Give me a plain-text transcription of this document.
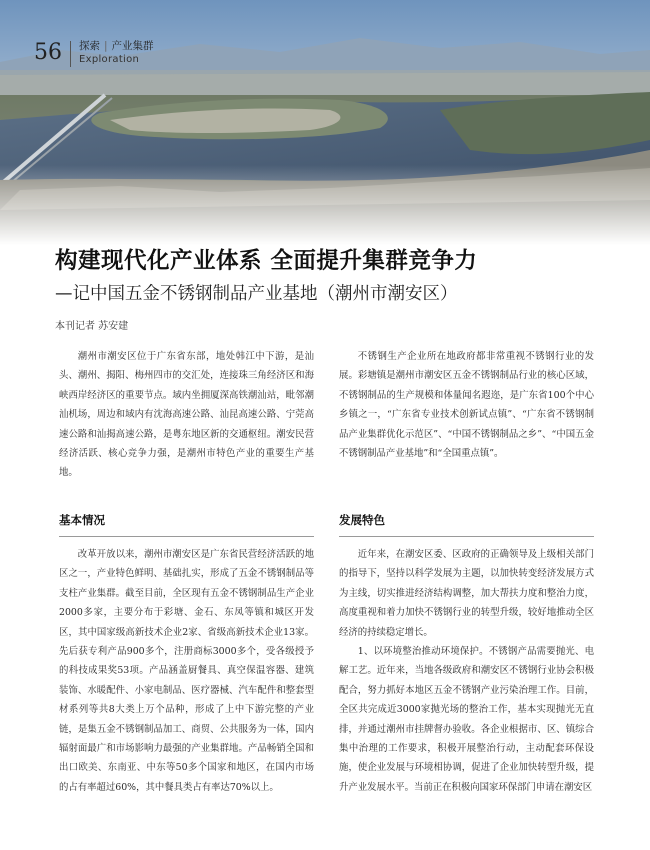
56 探索 | 产业集群
Exploration
构建现代化产业体系 全面提升集群竞争力
—记中国五金不锈钢制品产业基地（潮州市潮安区）
本刊记者 苏安建

潮州市潮安区位于广东省东部，地处韩江中下游，是汕头、潮州、揭阳、梅州四市的交汇处，连接珠三角经济区和海峡西岸经济区的重要节点。域内坐拥厦深高铁潮汕站，毗邻潮汕机场，周边和域内有沈海高速公路、汕昆高速公路、宁莞高速公路和汕揭高速公路，是粤东地区新的交通枢纽。潮安民营经济活跃、核心竞争力强，是潮州市特色产业的重要生产基地。

不锈钢生产企业所在地政府都非常重视不锈钢行业的发展。彩塘镇是潮州市潮安区五金不锈钢制品行业的核心区域，不锈钢制品的生产规模和体量闻名遐迩，是广东省100个中心乡镇之一，“广东省专业技术创新试点镇”、“广东省不锈钢制品产业集群优化示范区”、“中国不锈钢制品之乡”、“中国五金不锈钢制品产业基地”和“全国重点镇”。

基本情况	发展特色

改革开放以来，潮州市潮安区是广东省民营经济活跃的地区之一，产业特色鲜明、基础扎实，形成了五金不锈钢制品等支柱产业集群。截至目前，全区现有五金不锈钢制品生产企业2000多家，主要分布于彩塘、金石、东凤等镇和城区开发区，其中国家级高新技术企业2家、省级高新技术企业13家。先后获专利产品900多个，注册商标3000多个，受各级授予的科技成果奖53项。产品涵盖厨餐具、真空保温容器、建筑装饰、水暖配件、小家电制品、医疗器械、汽车配件和整套型材系列等共8大类上万个品种，形成了上中下游完整的产业链，是集五金不锈钢制品加工、商贸、公共服务为一体，国内辐射面最广和市场影响力最强的产业集群地。产品畅销全国和出口欧美、东南亚、中东等50多个国家和地区，在国内市场的占有率超过60%，其中餐具类占有率达70%以上。

近年来，在潮安区委、区政府的正确领导及上级相关部门的指导下，坚持以科学发展为主题，以加快转变经济发展方式为主线，切实推进经济结构调整，加大帮扶力度和整治力度，高度重视和着力加快不锈钢行业的转型升级，较好地推动全区经济的持续稳定增长。

1、以环境整治推动环境保护。不锈钢产品需要抛光、电解工艺。近年来，当地各级政府和潮安区不锈钢行业协会积极配合，努力抓好本地区五金不锈钢产业污染治理工作。目前，全区共完成近3000家抛光场的整治工作，基本实现抛光无直排，并通过潮州市挂牌督办验收。各企业根据市、区、镇综合集中治理的工作要求，积极开展整治行动，主动配套环保设施，使企业发展与环境相协调，促进了企业加快转型升级，提升产业发展水平。当前正在积极向国家环保部门申请在潮安区
